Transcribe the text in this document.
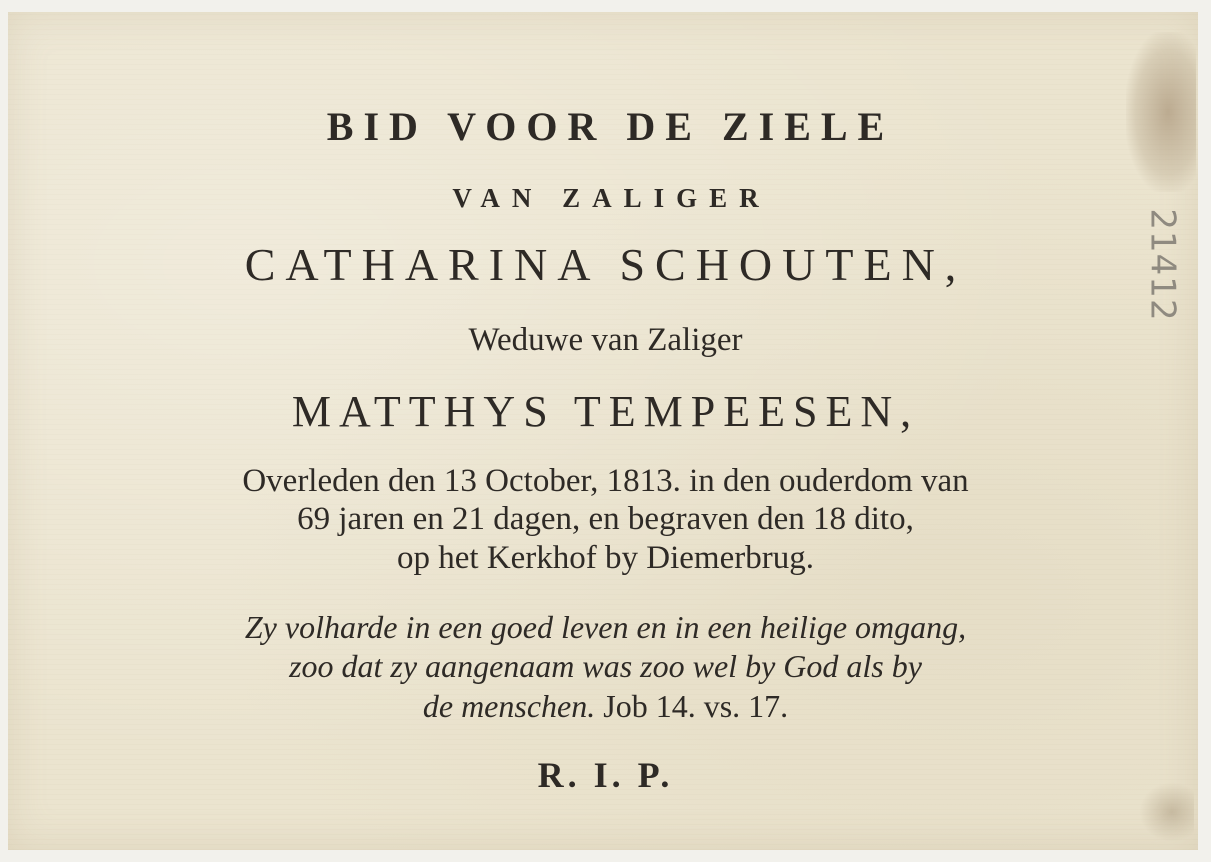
21412
BID VOOR DE ZIELE
VAN ZALIGER
CATHARINA SCHOUTEN,
Weduwe van Zaliger
MATTHYS TEMPEESEN,
Overleden den 13 October, 1813. in den ouderdom van
69 jaren en 21 dagen, en begraven den 18 dito,
op het Kerkhof by Diemerbrug.
Zy volharde in een goed leven en in een heilige omgang,
zoo dat zy aangenaam was zoo wel by God als by
de menschen. Job 14. vs. 17.
R. I. P.
